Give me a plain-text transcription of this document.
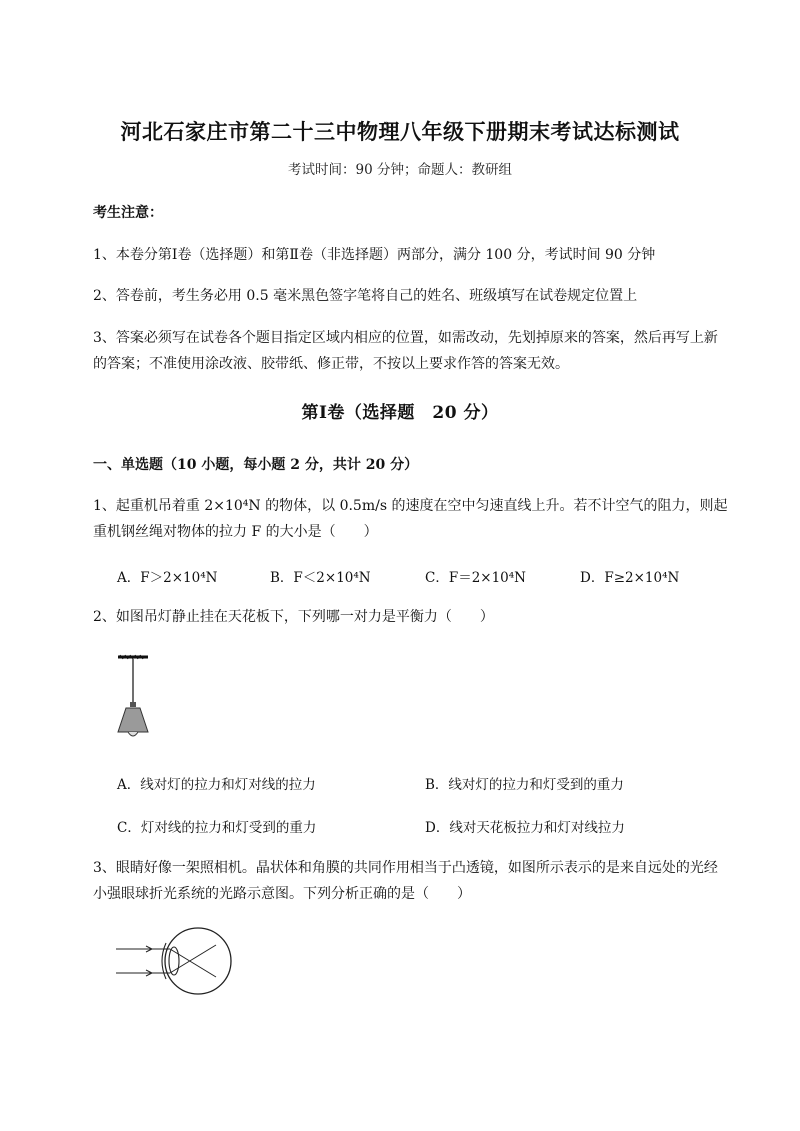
河北石家庄市第二十三中物理八年级下册期末考试达标测试
考试时间：90 分钟；命题人：教研组
考生注意：
1、本卷分第Ⅰ卷（选择题）和第Ⅱ卷（非选择题）两部分，满分 100 分，考试时间 90 分钟
2、答卷前，考生务必用 0.5 毫米黑色签字笔将自己的姓名、班级填写在试卷规定位置上
3、答案必须写在试卷各个题目指定区域内相应的位置，如需改动，先划掉原来的答案，然后再写上新
的答案；不准使用涂改液、胶带纸、修正带，不按以上要求作答的答案无效。
第Ⅰ卷（选择题　20 分）
一、单选题（10 小题，每小题 2 分，共计 20 分）
1、起重机吊着重 2×10⁴N 的物体，以 0.5m/s 的速度在空中匀速直线上升。若不计空气的阻力，则起
重机钢丝绳对物体的拉力 F 的大小是（　　）
A．F＞2×10⁴N	B．F＜2×10⁴N	C．F＝2×10⁴N	D．F≥2×10⁴N
2、如图吊灯静止挂在天花板下，下列哪一对力是平衡力（　　）
A．线对灯的拉力和灯对线的拉力	B．线对灯的拉力和灯受到的重力
C．灯对线的拉力和灯受到的重力	D．线对天花板拉力和灯对线拉力
3、眼睛好像一架照相机。晶状体和角膜的共同作用相当于凸透镜，如图所示表示的是来自远处的光经
小强眼球折光系统的光路示意图。下列分析正确的是（　　）
